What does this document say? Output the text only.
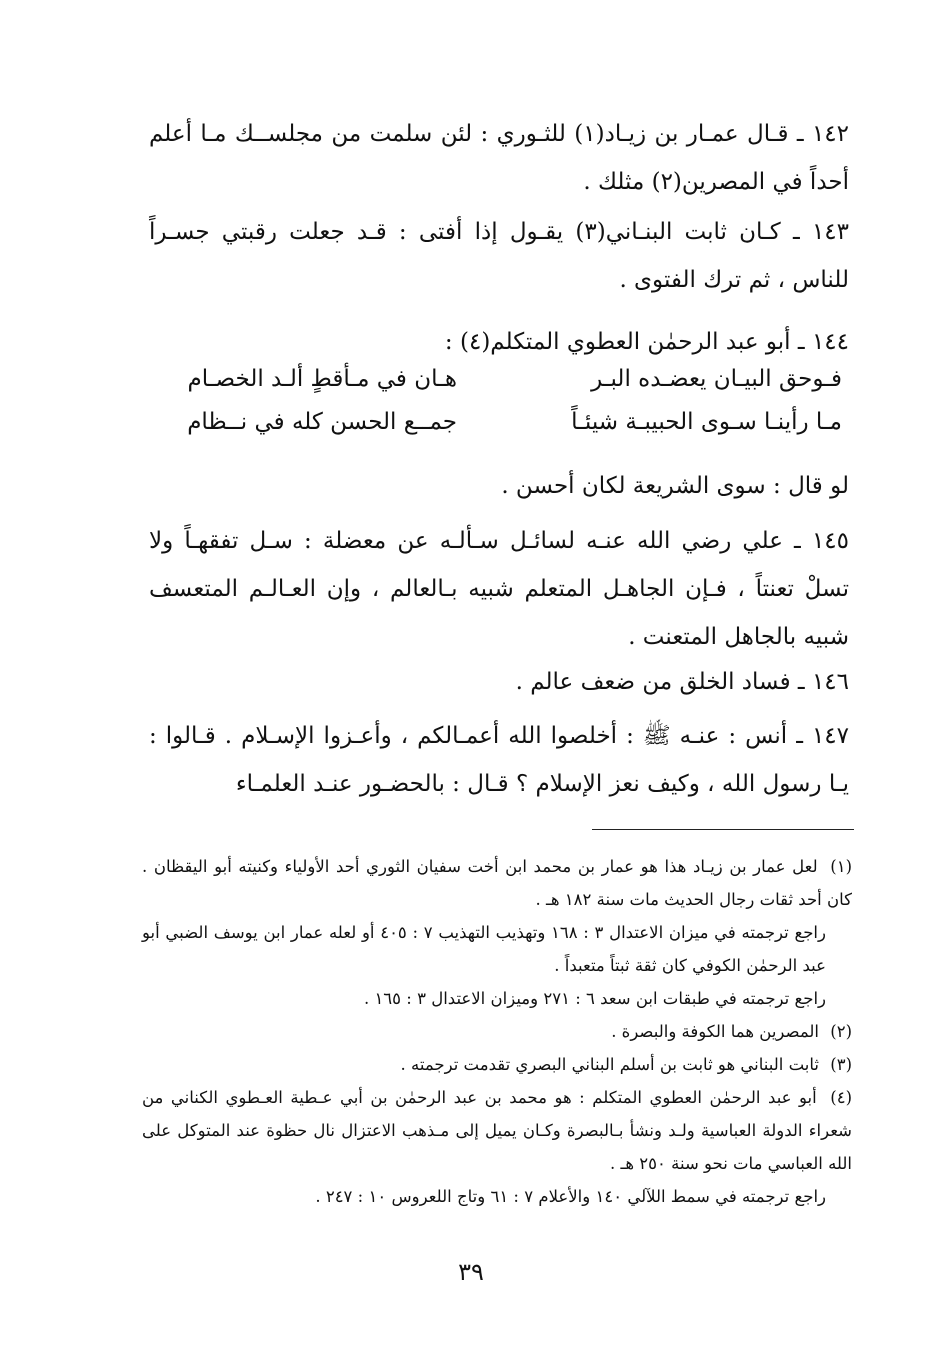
١٤٢ ـ قـال عمـار بن زيـاد(١) للثـوري : لئن سلمت من مجلســك مـا أعلم أحداً في المصرين(٢) مثلك .

١٤٣ ـ كـان ثابت البنـاني(٣) يقـول إذا أفتى : قـد جعلت رقبتي جسـراً للناس ، ثم ترك الفتوى .

١٤٤ ـ أبو عبد الرحمٰن العطوي المتكلم(٤) :

فـوحق البيـان يعضـده البـر
هـان في مـأقطٍ ألـد الخصـام
مـا رأينـا سـوى الحبيبـة شيئـاً
جمــع الحسن كله في نــظام

لو قال : سوى الشريعة لكان أحسن .

١٤٥ ـ علي رضي الله عنـه لسائـل سـألـه عن معضلة : سـل تفقهـاً ولا تسلْ تعنتاً ، فـإن الجاهـل المتعلم شبيه بـالعالم ، وإن العـالـم المتعسف شبيه بالجاهل المتعنت .

١٤٦ ـ فساد الخلق من ضعف عالم .

١٤٧ ـ أنس : عنـه ﷺ : أخلصوا الله أعمـالكم ، وأعـزوا الإسـلام . قـالوا : يـا رسول الله ، وكيف نعز الإسلام ؟ قـال : بالحضـور عنـد العلمـاء

(١) لعل عمار بن زيـاد هذا هو عمار بن محمد ابن أخت سفيان الثوري أحد الأولياء وكنيته أبو اليقظان . كان أحد ثقات رجال الحديث مات سنة ١٨٢ هـ .

راجع ترجمته في ميزان الاعتدال ٣ : ١٦٨ وتهذيب التهذيب ٧ : ٤٠٥ أو لعله عمار ابن يوسف الضبي أبو عبد الرحمٰن الكوفي كان ثقة ثبتاً متعبداً .

راجع ترجمته في طبقات ابن سعد ٦ : ٢٧١ وميزان الاعتدال ٣ : ١٦٥ .

(٢) المصرين هما الكوفة والبصرة .

(٣) ثابت البناني هو ثابت بن أسلم البناني البصري تقدمت ترجمته .

(٤) أبو عبد الرحمٰن العطوي المتكلم : هو محمد بن عبد الرحمٰن بن أبي عـطية العـطوي الكناني من شعراء الدولة العباسية ولـد ونشأ بـالبصرة وكـان يميل إلى مـذهب الاعتزال نال حظوة عند المتوكل على الله العباسي مات نحو سنة ٢٥٠ هـ .

راجع ترجمته في سمط اللآلي ١٤٠ والأعلام ٧ : ٦١ وتاج اللعروس ١٠ : ٢٤٧ .

٣٩
